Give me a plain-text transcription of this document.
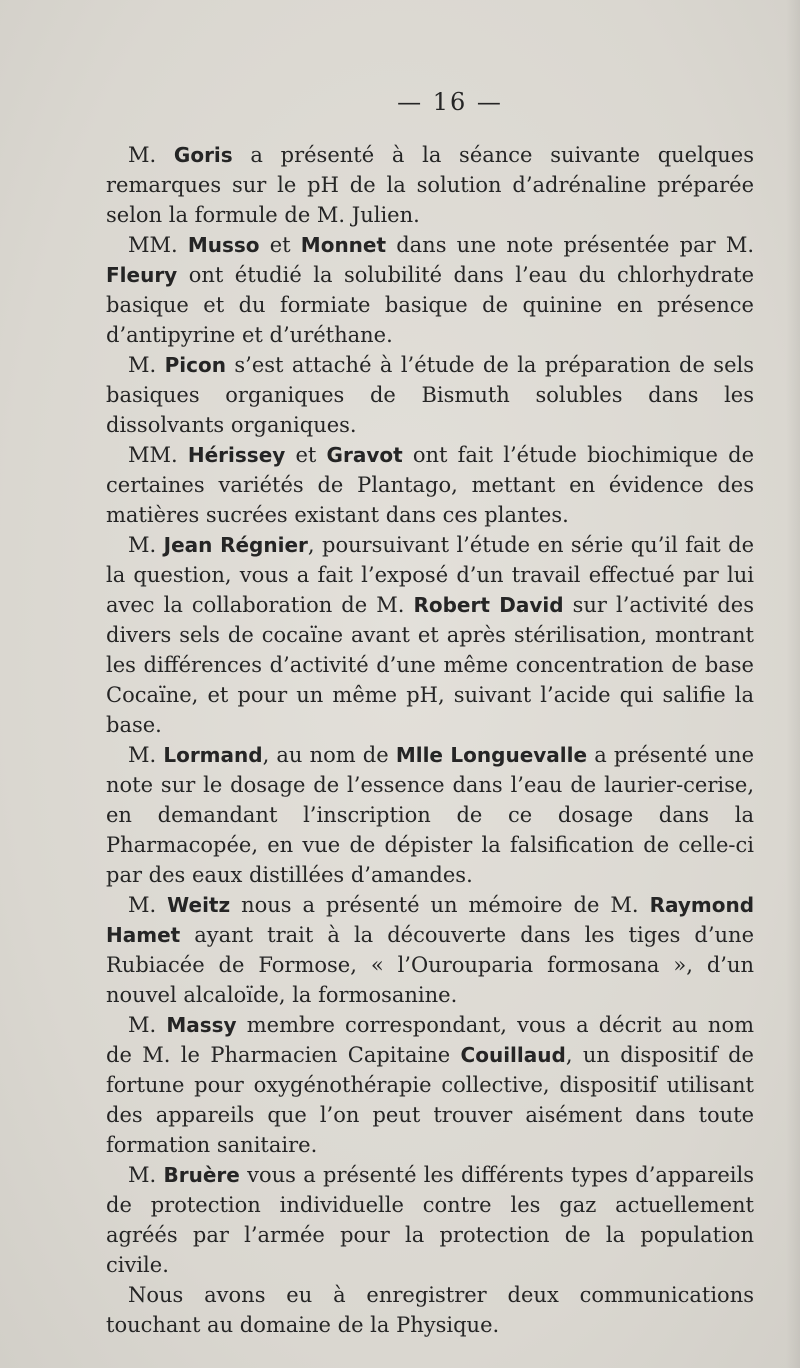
— 16 —

M. Goris a présenté à la séance suivante quelques remarques sur le pH de la solution d’adrénaline préparée selon la formule de M. Julien.

MM. Musso et Monnet dans une note présentée par M. Fleury ont étudié la solubilité dans l’eau du chlorhydrate basique et du formiate basique de quinine en présence d’antipyrine et d’uréthane.

M. Picon s’est attaché à l’étude de la préparation de sels basiques organiques de Bismuth solubles dans les dissolvants organiques.

MM. Hérissey et Gravot ont fait l’étude biochimique de certaines variétés de Plantago, mettant en évidence des matières sucrées existant dans ces plantes.

M. Jean Régnier, poursuivant l’étude en série qu’il fait de la question, vous a fait l’exposé d’un travail effectué par lui avec la collaboration de M. Robert David sur l’activité des divers sels de cocaïne avant et après stérilisation, montrant les différences d’activité d’une même concentration de base Cocaïne, et pour un même pH, suivant l’acide qui salifie la base.

M. Lormand, au nom de Mlle Longuevalle a présenté une note sur le dosage de l’essence dans l’eau de laurier-cerise, en demandant l’inscription de ce dosage dans la Pharmacopée, en vue de dépister la falsification de celle-ci par des eaux distillées d’amandes.

M. Weitz nous a présenté un mémoire de M. Raymond Hamet ayant trait à la découverte dans les tiges d’une Rubiacée de Formose, « l’Ourouparia formosana », d’un nouvel alcaloïde, la formosanine.

M. Massy membre correspondant, vous a décrit au nom de M. le Pharmacien Capitaine Couillaud, un dispositif de fortune pour oxygénothérapie collective, dispositif utilisant des appareils que l’on peut trouver aisément dans toute formation sanitaire.

M. Bruère vous a présenté les différents types d’appareils de protection individuelle contre les gaz actuellement agréés par l’armée pour la protection de la population civile.

Nous avons eu à enregistrer deux communications touchant au domaine de la Physique.
